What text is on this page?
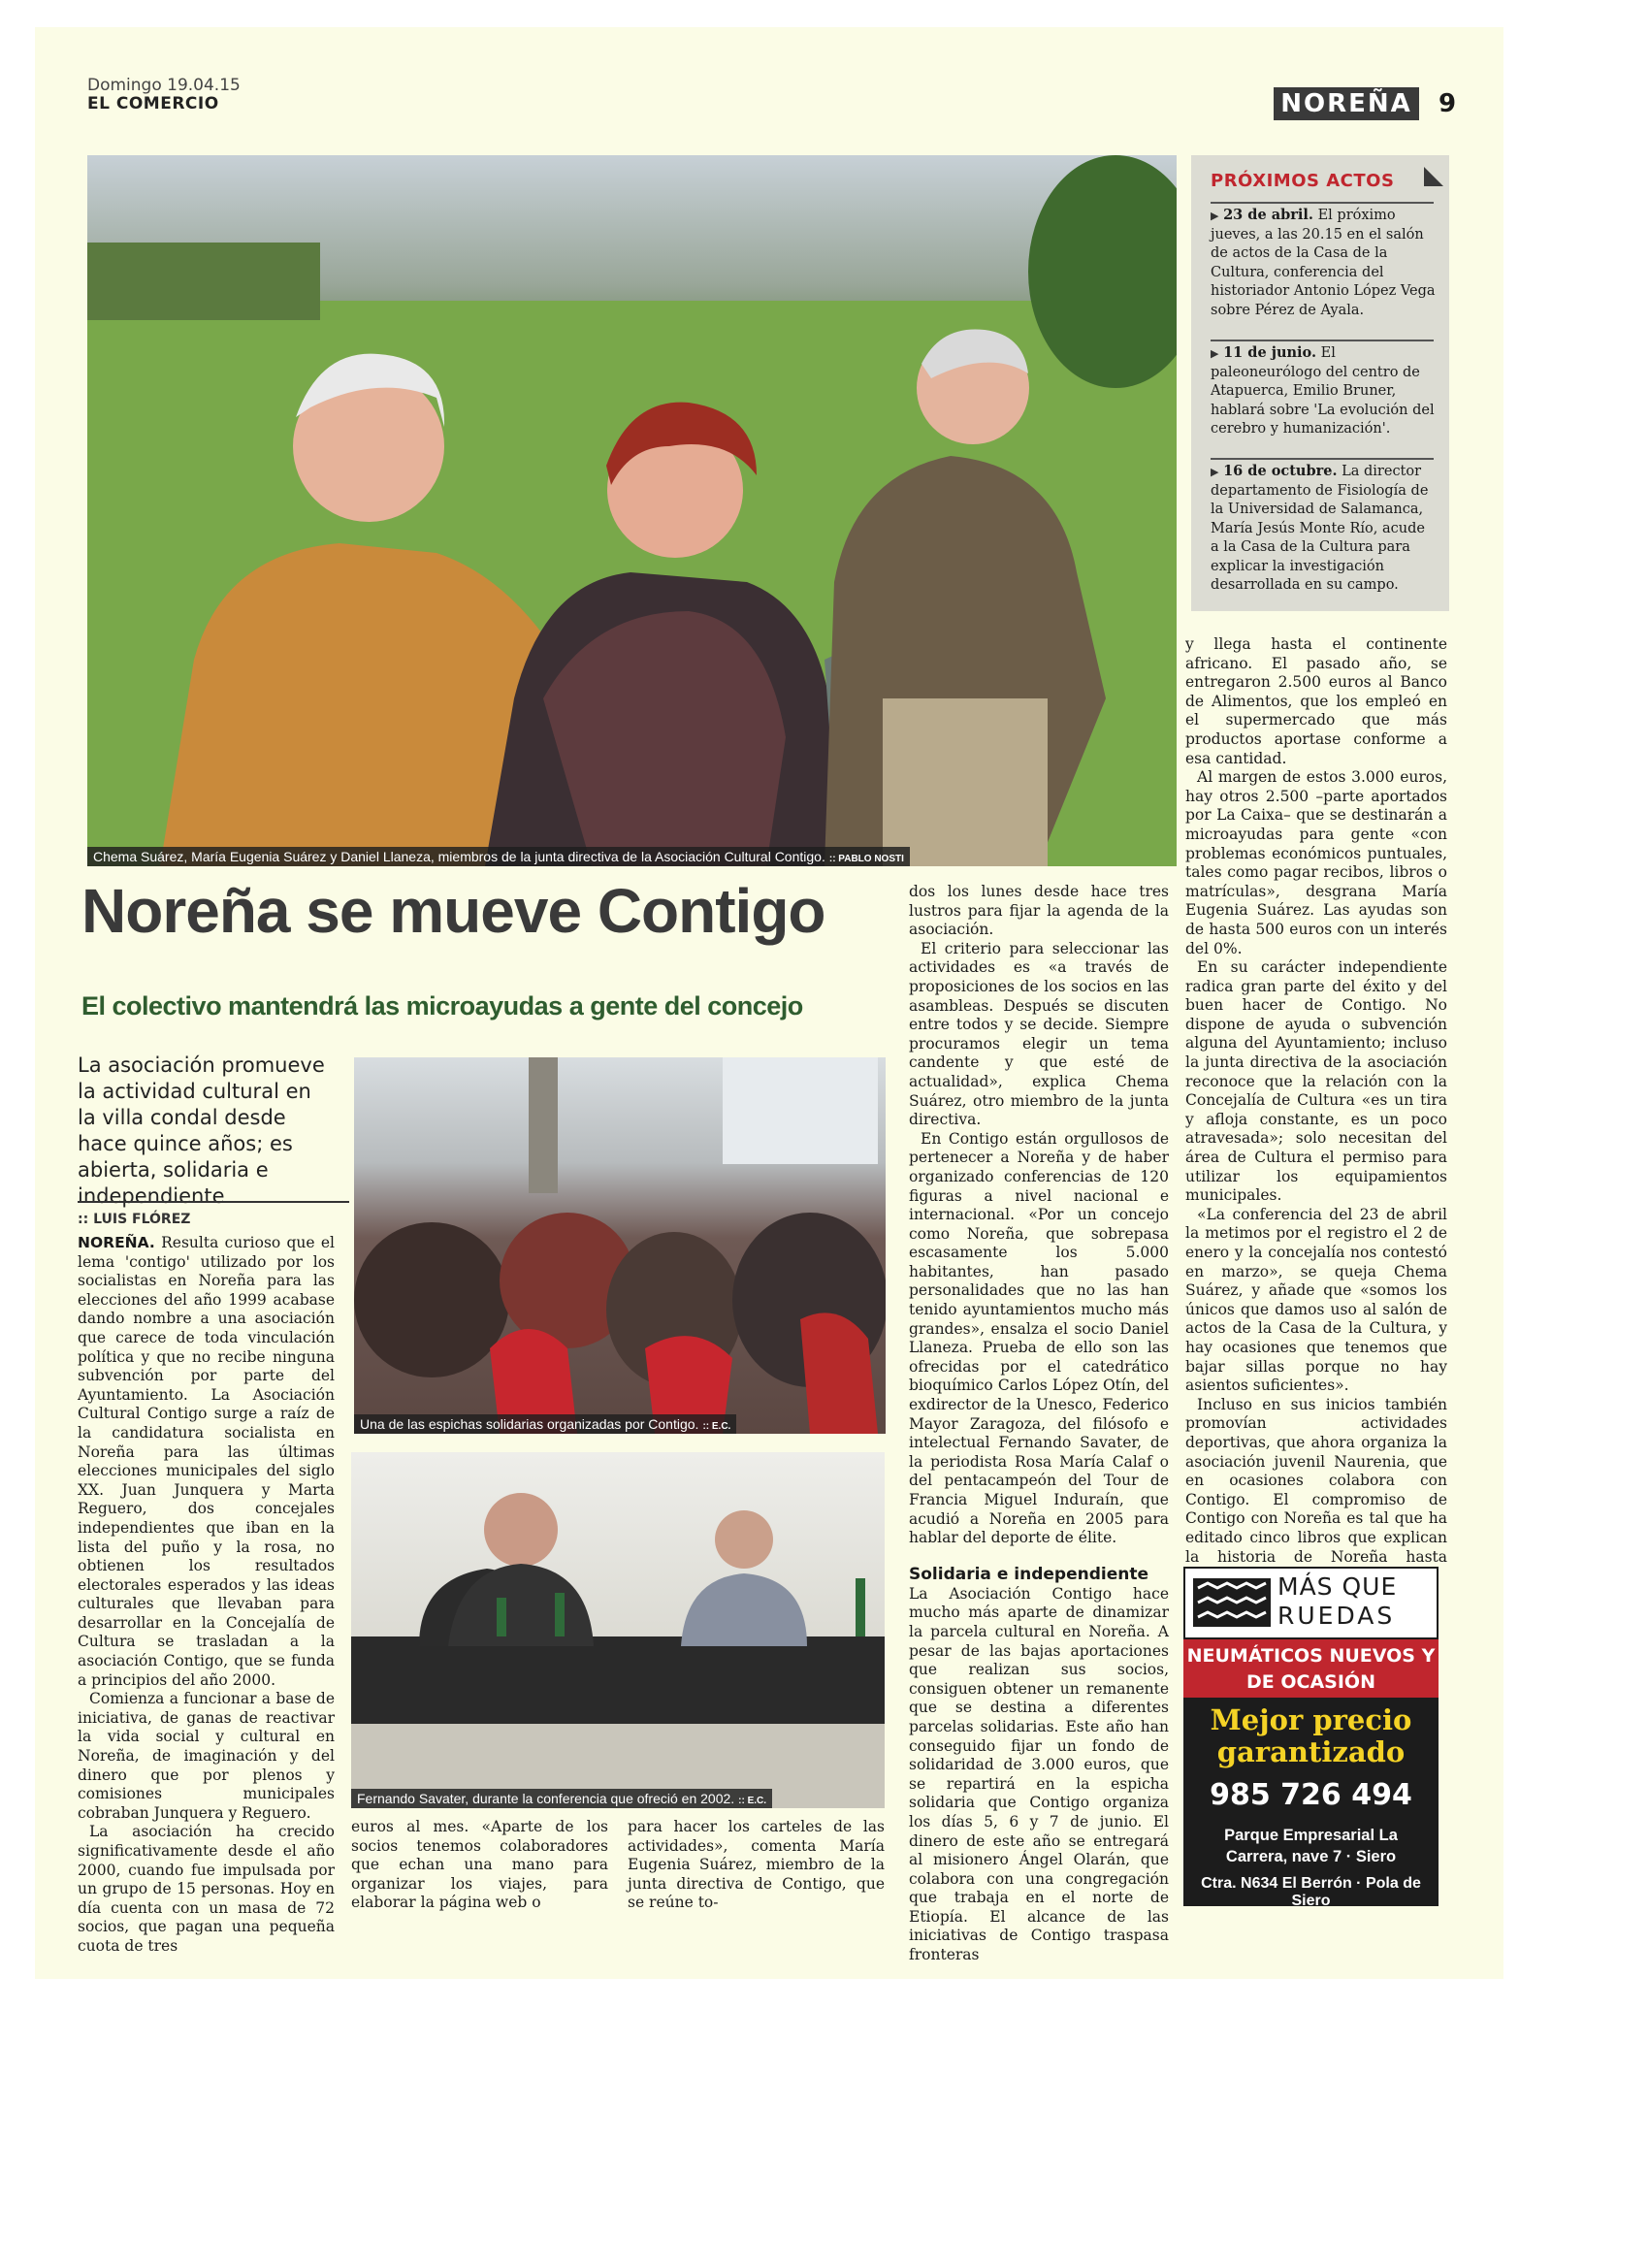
Domingo 19.04.15
EL COMERCIO	NOREÑA 9
Chema Suárez, María Eugenia Suárez y Daniel Llaneza, miembros de la junta directiva de la Asociación Cultural Contigo. :: PABLO NOSTI
PRÓXIMOS ACTOS
▶ 23 de abril. El próximo jueves, a las 20.15 en el salón de actos de la Casa de la Cultura, conferencia del historiador Antonio López Vega sobre Pérez de Ayala.
▶ 11 de junio. El paleoneurólogo del centro de Atapuerca, Emilio Bruner, hablará sobre 'La evolución del cerebro y humanización'.
▶ 16 de octubre. La director departamento de Fisiología de la Universidad de Salamanca, María Jesús Monte Río, acude a la Casa de la Cultura para explicar la investigación desarrollada en su campo.
Noreña se mueve Contigo
El colectivo mantendrá las microayudas a gente del concejo
La asociación promueve la actividad cultural en la villa condal desde hace quince años; es abierta, solidaria e independiente
:: LUIS FLÓREZ

NOREÑA. Resulta curioso que el lema 'contigo' utilizado por los socialistas en Noreña para las elecciones del año 1999 acabase dando nombre a una asociación que carece de toda vinculación política y que no recibe ninguna subvención por parte del Ayuntamiento. La Asociación Cultural Contigo surge a raíz de la candidatura socialista en Noreña para las últimas elecciones municipales del siglo XX. Juan Junquera y Marta Reguero, dos concejales independientes que iban en la lista del puño y la rosa, no obtienen los resultados electorales esperados y las ideas culturales que llevaban para desarrollar en la Concejalía de Cultura se trasladan a la asociación Contigo, que se funda a principios del año 2000.

Comienza a funcionar a base de iniciativa, de ganas de reactivar la vida social y cultural en Noreña, de imaginación y del dinero que por plenos y comisiones municipales cobraban Junquera y Reguero.

La asociación ha crecido significativamente desde el año 2000, cuando fue impulsada por un grupo de 15 personas. Hoy en día cuenta con un masa de 72 socios, que pagan una pequeña cuota de tres

Una de las espichas solidarias organizadas por Contigo. :: E.C.
Fernando Savater, durante la conferencia que ofreció en 2002. :: E.C.

euros al mes. «Aparte de los socios tenemos colaboradores que echan una mano para organizar los viajes, para elaborar la página web o

para hacer los carteles de las actividades», comenta María Eugenia Suárez, miembro de la junta directiva de Contigo, que se reúne to-

dos los lunes desde hace tres lustros para fijar la agenda de la asociación.

El criterio para seleccionar las actividades es «a través de proposiciones de los socios en las asambleas. Después se discuten entre todos y se decide. Siempre procuramos elegir un tema candente y que esté de actualidad», explica Chema Suárez, otro miembro de la junta directiva.

En Contigo están orgullosos de pertenecer a Noreña y de haber organizado conferencias de 120 figuras a nivel nacional e internacional. «Por un concejo como Noreña, que sobrepasa escasamente los 5.000 habitantes, han pasado personalidades que no las han tenido ayuntamientos mucho más grandes», ensalza el socio Daniel Llaneza. Prueba de ello son las ofrecidas por el catedrático bioquímico Carlos López Otín, del exdirector de la Unesco, Federico Mayor Zaragoza, del filósofo e intelectual Fernando Savater, de la periodista Rosa María Calaf o del pentacampeón del Tour de Francia Miguel Induraín, que acudió a Noreña en 2005 para hablar del deporte de élite.

Solidaria e independiente

La Asociación Contigo hace mucho más aparte de dinamizar la parcela cultural en Noreña. A pesar de las bajas aportaciones que realizan sus socios, consiguen obtener un remanente que se destina a diferentes parcelas solidarias. Este año han conseguido fijar un fondo de solidaridad de 3.000 euros, que se repartirá en la espicha solidaria que Contigo organiza los días 5, 6 y 7 de junio. El dinero de este año se entregará al misionero Ángel Olarán, que colabora con una congregación que trabaja en el norte de Etiopía. El alcance de las iniciativas de Contigo traspasa fronteras

y llega hasta el continente africano. El pasado año, se entregaron 2.500 euros al Banco de Alimentos, que los empleó en el supermercado que más productos aportase conforme a esa cantidad.

Al margen de estos 3.000 euros, hay otros 2.500 –parte aportados por La Caixa– que se destinarán a microayudas para gente «con problemas económicos puntuales, tales como pagar recibos, libros o matrículas», desgrana María Eugenia Suárez. Las ayudas son de hasta 500 euros con un interés del 0%.

En su carácter independiente radica gran parte del éxito y del buen hacer de Contigo. No dispone de ayuda o subvención alguna del Ayuntamiento; incluso la junta directiva de la asociación reconoce que la relación con la Concejalía de Cultura «es un tira y afloja constante, es un poco atravesada»; solo necesitan del área de Cultura el permiso para utilizar los equipamientos municipales.

«La conferencia del 23 de abril la metimos por el registro el 2 de enero y la concejalía nos contestó en marzo», se queja Chema Suárez, y añade que «somos los únicos que damos uso al salón de actos de la Casa de la Cultura, y hay ocasiones que tenemos que bajar sillas porque no hay asientos suficientes».

Incluso en sus inicios también promovían actividades deportivas, que ahora organiza la asociación juvenil Naurenia, que en ocasiones colabora con Contigo. El compromiso de Contigo con Noreña es tal que ha editado cinco libros que explican la historia de Noreña hasta

MÁS QUE
RUEDAS
NEUMÁTICOS NUEVOS Y DE OCASIÓN
Mejor precio garantizado
985 726 494
Parque Empresarial La Carrera, nave 7 · Siero
Ctra. N634 El Berrón · Pola de Siero
